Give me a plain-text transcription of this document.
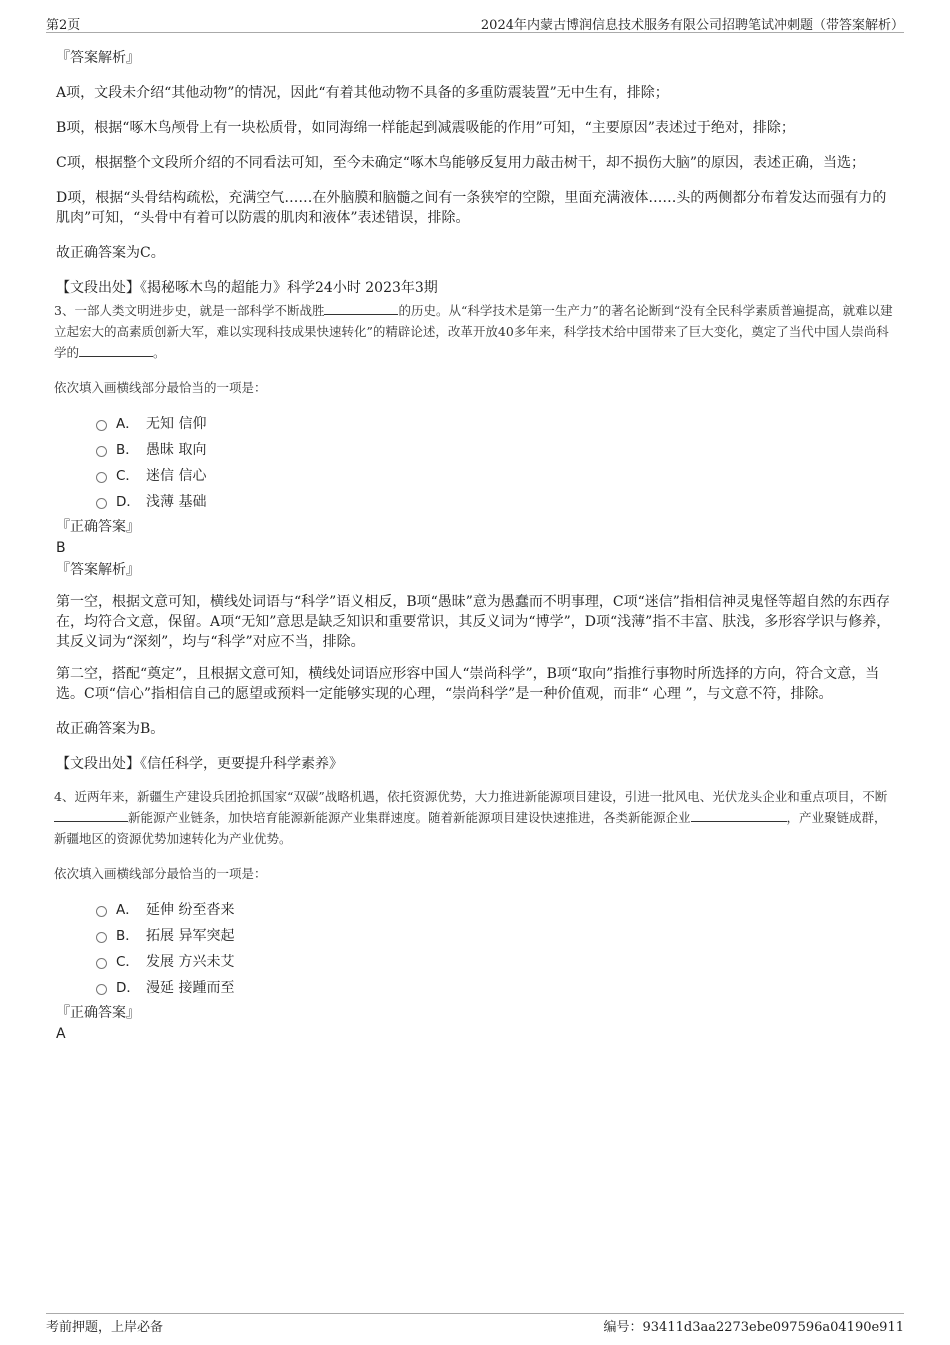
第2页	2024年内蒙古博润信息技术服务有限公司招聘笔试冲刺题（带答案解析）

『答案解析』

A项，文段未介绍“其他动物”的情况，因此“有着其他动物不具备的多重防震装置”无中生有，排除；

B项，根据“啄木鸟颅骨上有一块松质骨，如同海绵一样能起到减震吸能的作用”可知，“主要原因”表述过于绝对，排除；

C项，根据整个文段所介绍的不同看法可知，至今未确定“啄木鸟能够反复用力敲击树干，却不损伤大脑”的原因，表述正确，当选；

D项，根据“头骨结构疏松，充满空气……在外脑膜和脑髓之间有一条狭窄的空隙，里面充满液体……头的两侧都分布着发达而强有力的肌肉”可知，“头骨中有着可以防震的肌肉和液体”表述错误，排除。

故正确答案为C。

【文段出处】《揭秘啄木鸟的超能力》科学24小时 2023年3期

3、一部人类文明进步史，就是一部科学不断战胜	的历史。从“科学技术是第一生产力”的著名论断到“没有全民科学素质普遍提高，就难以建立起宏大的高素质创新大军，难以实现科技成果快速转化”的精辟论述，改革开放40多年来，科学技术给中国带来了巨大变化，奠定了当代中国人崇尚科学的	。

依次填入画横线部分最恰当的一项是：

A． 无知 信仰
B． 愚昧 取向
C． 迷信 信心
D． 浅薄 基础

『正确答案』

B

『答案解析』

第一空，根据文意可知，横线处词语与“科学”语义相反，B项“愚昧”意为愚蠢而不明事理，C项“迷信”指相信神灵鬼怪等超自然的东西存在，均符合文意，保留。A项“无知”意思是缺乏知识和重要常识，其反义词为“博学”，D项“浅薄”指不丰富、肤浅，多形容学识与修养，其反义词为“深刻”，均与“科学”对应不当，排除。

第二空，搭配“奠定”，且根据文意可知，横线处词语应形容中国人“崇尚科学”，B项“取向”指推行事物时所选择的方向，符合文意，当选。C项“信心”指相信自己的愿望或预料一定能够实现的心理，“崇尚科学”是一种价值观，而非“ 心理 ”，与文意不符，排除。

故正确答案为B。

【文段出处】《信任科学，更要提升科学素养》

4、近两年来，新疆生产建设兵团抢抓国家“双碳”战略机遇，依托资源优势，大力推进新能源项目建设，引进一批风电、光伏龙头企业和重点项目，不断新能源产业链条，加快培育能源新能源产业集群速度。随着新能源项目建设快速推进，各类新能源企业	，产业聚链成群，新疆地区的资源优势加速转化为产业优势。

依次填入画横线部分最恰当的一项是：

A． 延伸 纷至沓来
B． 拓展 异军突起
C． 发展 方兴未艾
D． 漫延 接踵而至

『正确答案』

A

考前押题，上岸必备	编号：93411d3aa2273ebe097596a04190e911
